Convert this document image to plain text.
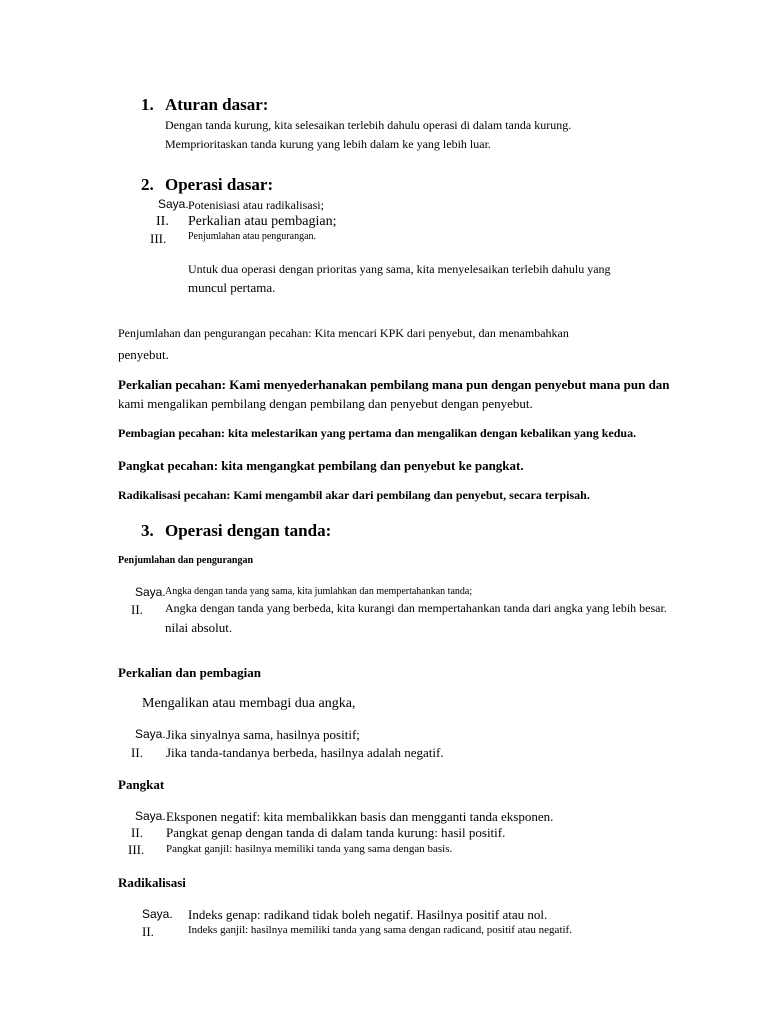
1. Aturan dasar:
Dengan tanda kurung, kita selesaikan terlebih dahulu operasi di dalam tanda kurung.
Memprioritaskan tanda kurung yang lebih dalam ke yang lebih luar.
2. Operasi dasar:
Saya. Potenisiasi atau radikalisasi;
II. Perkalian atau pembagian;
III. Penjumlahan atau pengurangan.
Untuk dua operasi dengan prioritas yang sama, kita menyelesaikan terlebih dahulu yang
muncul pertama.
Penjumlahan dan pengurangan pecahan: Kita mencari KPK dari penyebut, dan menambahkan
penyebut.
Perkalian pecahan: Kami menyederhanakan pembilang mana pun dengan penyebut mana pun dan
kami mengalikan pembilang dengan pembilang dan penyebut dengan penyebut.
Pembagian pecahan: kita melestarikan yang pertama dan mengalikan dengan kebalikan yang kedua.
Pangkat pecahan: kita mengangkat pembilang dan penyebut ke pangkat.
Radikalisasi pecahan: Kami mengambil akar dari pembilang dan penyebut, secara terpisah.
3. Operasi dengan tanda:
Penjumlahan dan pengurangan
Saya. Angka dengan tanda yang sama, kita jumlahkan dan mempertahankan tanda;
II. Angka dengan tanda yang berbeda, kita kurangi dan mempertahankan tanda dari angka yang lebih besar.
nilai absolut.
Perkalian dan pembagian
Mengalikan atau membagi dua angka,
Saya. Jika sinyalnya sama, hasilnya positif;
II. Jika tanda-tandanya berbeda, hasilnya adalah negatif.
Pangkat
Saya. Eksponen negatif: kita membalikkan basis dan mengganti tanda eksponen.
II. Pangkat genap dengan tanda di dalam tanda kurung: hasil positif.
III. Pangkat ganjil: hasilnya memiliki tanda yang sama dengan basis.
Radikalisasi
Saya. Indeks genap: radikand tidak boleh negatif. Hasilnya positif atau nol.
II.	Indeks ganjil: hasilnya memiliki tanda yang sama dengan radicand, positif atau negatif.
